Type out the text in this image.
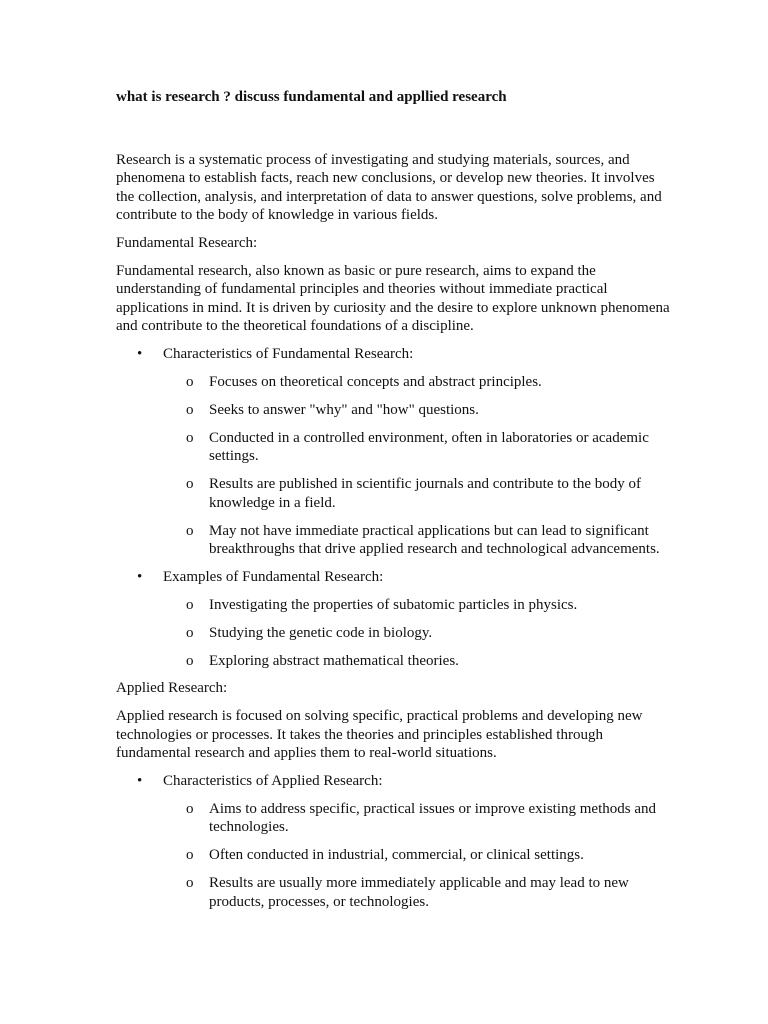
what is research ? discuss fundamental and appllied research

Research is a systematic process of investigating and studying materials, sources, and phenomena to establish facts, reach new conclusions, or develop new theories. It involves the collection, analysis, and interpretation of data to answer questions, solve problems, and contribute to the body of knowledge in various fields.

Fundamental Research:

Fundamental research, also known as basic or pure research, aims to expand the understanding of fundamental principles and theories without immediate practical applications in mind. It is driven by curiosity and the desire to explore unknown phenomena and contribute to the theoretical foundations of a discipline.

• Characteristics of Fundamental Research:
o Focuses on theoretical concepts and abstract principles.
o Seeks to answer "why" and "how" questions.
o Conducted in a controlled environment, often in laboratories or academic settings.
o Results are published in scientific journals and contribute to the body of knowledge in a field.
o May not have immediate practical applications but can lead to significant breakthroughs that drive applied research and technological advancements.
• Examples of Fundamental Research:
o Investigating the properties of subatomic particles in physics.
o Studying the genetic code in biology.
o Exploring abstract mathematical theories.

Applied Research:

Applied research is focused on solving specific, practical problems and developing new technologies or processes. It takes the theories and principles established through fundamental research and applies them to real-world situations.

• Characteristics of Applied Research:
o Aims to address specific, practical issues or improve existing methods and technologies.
o Often conducted in industrial, commercial, or clinical settings.
o Results are usually more immediately applicable and may lead to new products, processes, or technologies.
